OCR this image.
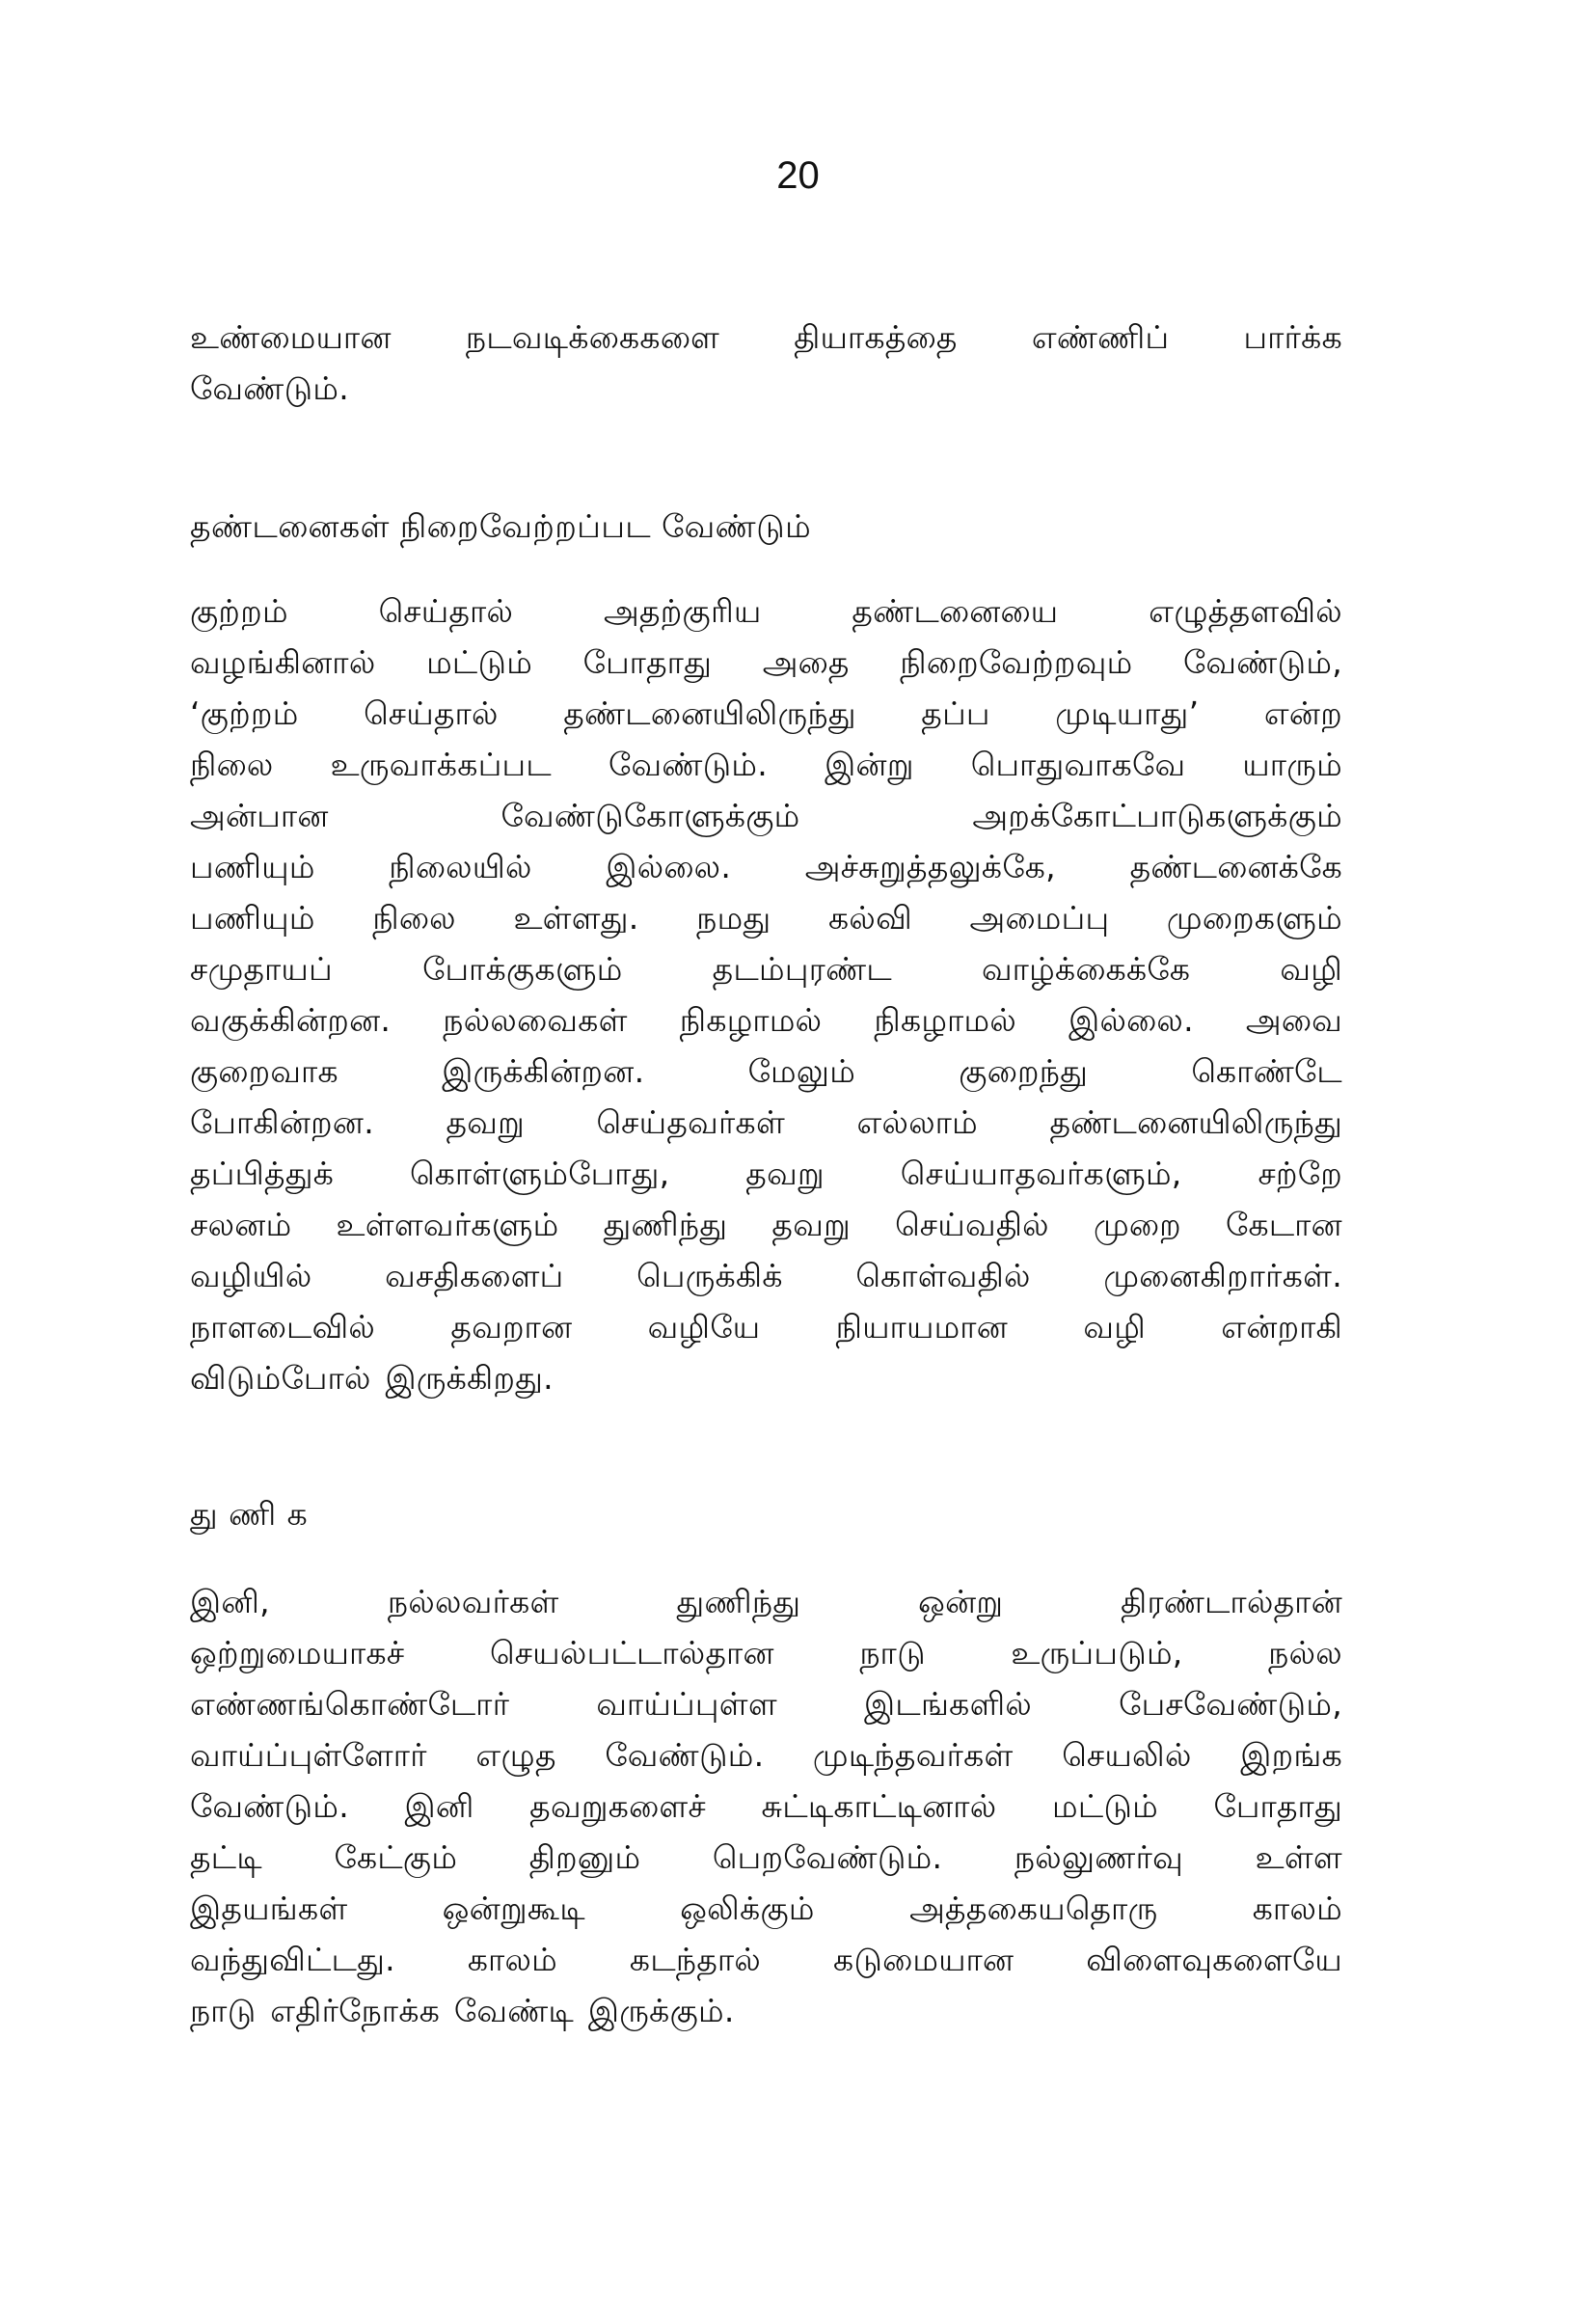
20
உண்மையான நடவடிக்கைகளை தியாகத்தை எண்ணிப் பார்க்க
வேண்டும்.
தண்டனைகள் நிறைவேற்றப்பட வேண்டும்
குற்றம் செய்தால் அதற்குரிய தண்டனையை எழுத்தளவில்
வழங்கினால் மட்டும் போதாது அதை நிறைவேற்றவும் வேண்டும்,
‘குற்றம் செய்தால் தண்டனையிலிருந்து தப்ப முடியாது’ என்ற
நிலை உருவாக்கப்பட வேண்டும். இன்று பொதுவாகவே யாரும்
அன்பான வேண்டுகோளுக்கும் அறக்கோட்பாடுகளுக்கும்
பணியும் நிலையில் இல்லை. அச்சுறுத்தலுக்கே, தண்டனைக்கே
பணியும் நிலை உள்ளது. நமது கல்வி அமைப்பு முறைகளும்
சமுதாயப் போக்குகளும் தடம்புரண்ட வாழ்க்கைக்கே வழி
வகுக்கின்றன. நல்லவைகள் நிகழாமல் நிகழாமல் இல்லை. அவை
குறைவாக இருக்கின்றன. மேலும் குறைந்து கொண்டே
போகின்றன. தவறு செய்தவர்கள் எல்லாம் தண்டனையிலிருந்து
தப்பித்துக் கொள்ளும்போது, தவறு செய்யாதவர்களும், சற்றே
சலனம் உள்ளவர்களும் துணிந்து தவறு செய்வதில் முறை கேடான
வழியில் வசதிகளைப் பெருக்கிக் கொள்வதில் முனைகிறார்கள்.
நாளடைவில் தவறான வழியே நியாயமான வழி என்றாகி
விடும்போல் இருக்கிறது.
து ணி க
இனி, நல்லவர்கள் துணிந்து ஒன்று திரண்டால்தான்
ஒற்றுமையாகச் செயல்பட்டால்தான நாடு உருப்படும், நல்ல
எண்ணங்கொண்டோர் வாய்ப்புள்ள இடங்களில் பேசவேண்டும்,
வாய்ப்புள்ளோர் எழுத வேண்டும். முடிந்தவர்கள் செயலில் இறங்க
வேண்டும். இனி தவறுகளைச் சுட்டிகாட்டினால் மட்டும் போதாது
தட்டி கேட்கும் திறனும் பெறவேண்டும். நல்லுணர்வு உள்ள
இதயங்கள் ஒன்றுகூடி ஒலிக்கும் அத்தகையதொரு காலம்
வந்துவிட்டது. காலம் கடந்தால் கடுமையான விளைவுகளையே
நாடு எதிர்நோக்க வேண்டி இருக்கும்.
